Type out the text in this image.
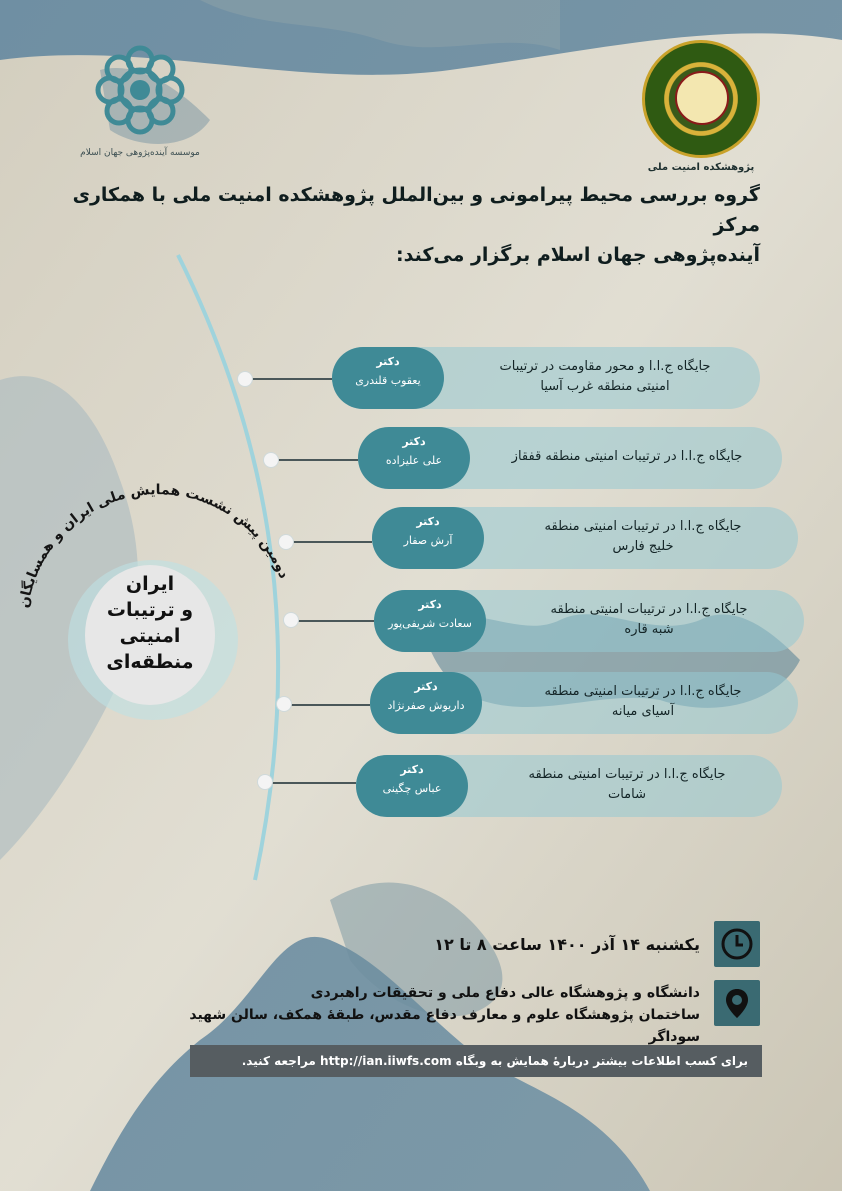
موسسه آینده‌پژوهی جهان اسلام
پژوهشکده امنیت ملی
گروه بررسی محیط پیرامونی و بین‌الملل پژوهشکده امنیت ملی با همکاری مرکز
آینده‌پژوهی جهان اسلام برگزار می‌کند:
جایگاه ج.ا.ا و محور مقاومت در ترتیبات
امنیتی منطقه غرب آسیا
دکتر
یعقوب قلندری
جایگاه ج.ا.ا در ترتیبات امنیتی منطقه قفقاز
دکتر
علی علیزاده
جایگاه ج.ا.ا در ترتیبات امنیتی منطقه
خلیج فارس
دکتر
آرش صفار
جایگاه ج.ا.ا در ترتیبات امنیتی منطقه
شبه قاره
دکتر
سعادت شریفی‌پور
جایگاه ج.ا.ا در ترتیبات امنیتی منطقه
آسیای میانه
دکتر
داریوش صفرنژاد
جایگاه ج.ا.ا در ترتیبات امنیتی منطقه
شامات
دکتر
عباس چگینی
دومین پیش نشست همایش ملی ایران و همسایگان
ایران
و ترتیبات
امنیتی
منطقه‌ای
یکشنبه ۱۴ آذر ۱۴۰۰ ساعت ۸ تا ۱۲
دانشگاه و پژوهشگاه عالی دفاع ملی و تحقیقات راهبردی
ساختمان پژوهشگاه علوم و معارف دفاع مقدس، طبقهٔ همکف، سالن شهید سوداگر
برای کسب اطلاعات بیشتر دربارهٔ همایش به وبگاه http://ian.iiwfs.com مراجعه کنید.
